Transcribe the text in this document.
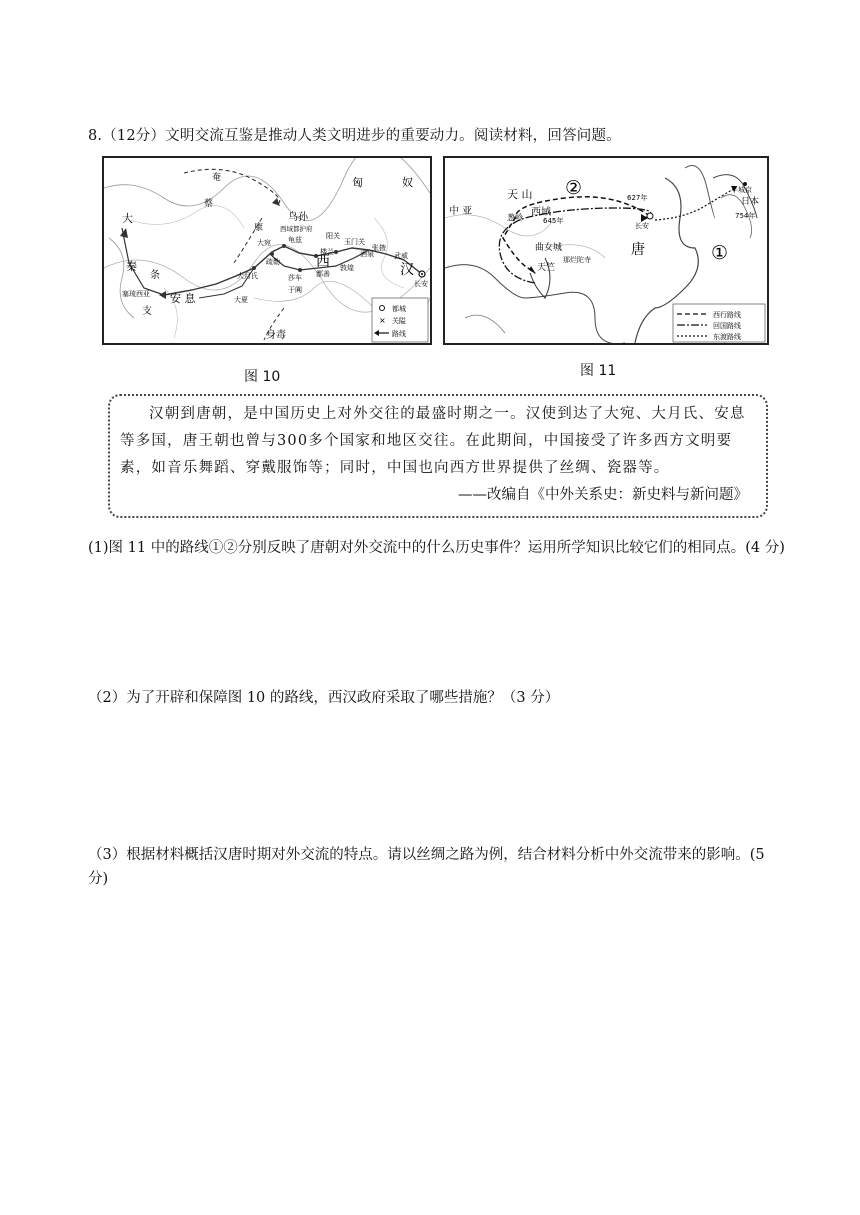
8.（12分）文明交流互鉴是推动人类文明进步的重要动力。阅读材料，回答问题。
大
秦
条
支
塞琉西亚 安 息
大月氏
大夏
大宛
疏勒
龟兹
乌孙
西域都护府
玉门关
张掖
酒泉	武威
敦煌
楼兰
鄯善
莎车
于阗
阳关
西	汉
长安
匈	奴
蔡
奄
康
身毒
都城
× 关隘
路线
天 山 ②
中 亚	西域
葱岭	645年
627年
长安
曲女城
那烂陀寺
天竺
唐	①
平城京
日本
754年
西行路线
回国路线
东渡路线
图 10	图 11

汉朝到唐朝，是中国历史上对外交往的最盛时期之一。汉使到达了大宛、大月氏、安息等多国，唐王朝也曾与300多个国家和地区交往。在此期间，中国接受了许多西方文明要素，如音乐舞蹈、穿戴服饰等；同时，中国也向西方世界提供了丝绸、瓷器等。

——改编自《中外关系史：新史料与新问题》

(1)图 11 中的路线①②分别反映了唐朝对外交流中的什么历史事件？运用所学知识比较它们的相同点。(4 分)
（2）为了开辟和保障图 10 的路线，西汉政府采取了哪些措施？（3 分）
（3）根据材料概括汉唐时期对外交流的特点。请以丝绸之路为例，结合材料分析中外交流带来的影响。(5 分)
